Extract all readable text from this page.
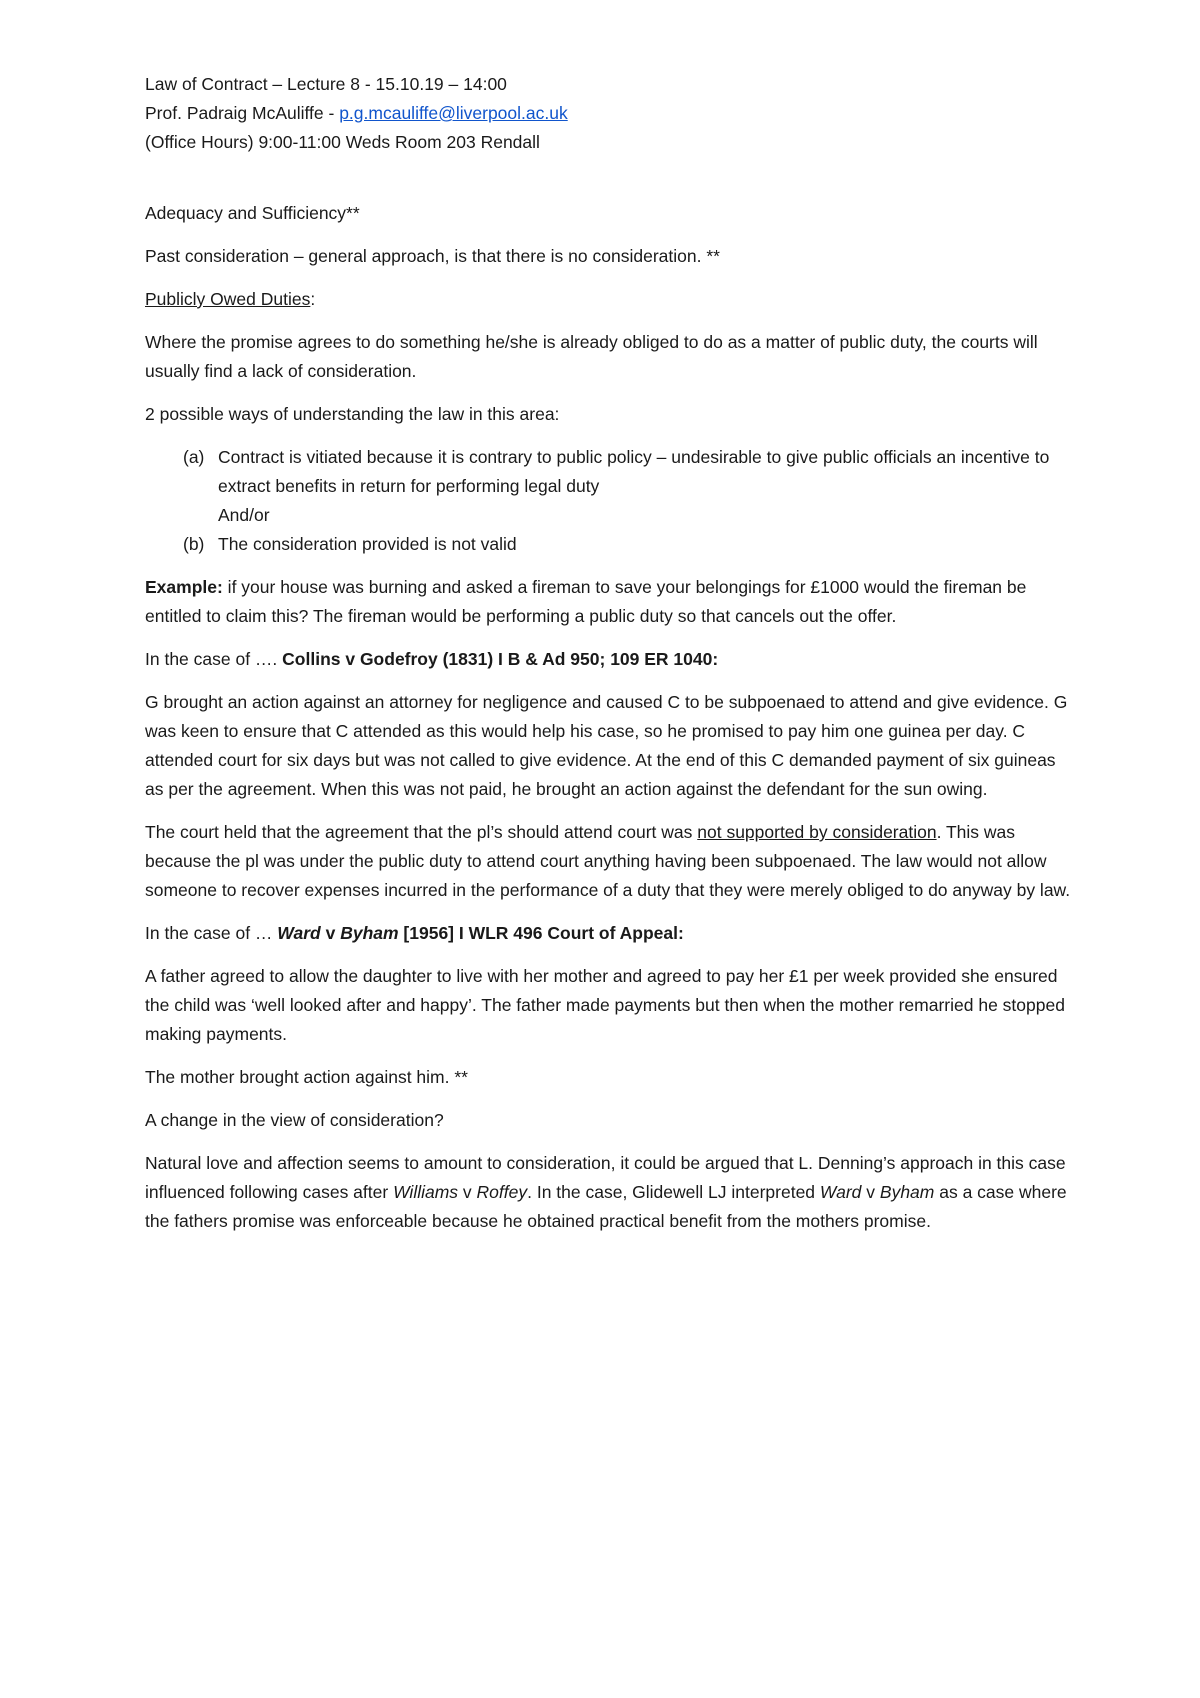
Law of Contract – Lecture 8 - 15.10.19 – 14:00

Prof. Padraig McAuliffe - p.g.mcauliffe@liverpool.ac.uk

(Office Hours) 9:00-11:00 Weds Room 203 Rendall

Adequacy and Sufficiency**

Past consideration – general approach, is that there is no consideration. **

Publicly Owed Duties:

Where the promise agrees to do something he/she is already obliged to do as a matter of public duty, the courts will usually find a lack of consideration.

2 possible ways of understanding the law in this area:

(a) Contract is vitiated because it is contrary to public policy – undesirable to give public officials an incentive to extract benefits in return for performing legal duty
And/or
(b) The consideration provided is not valid

Example: if your house was burning and asked a fireman to save your belongings for £1000 would the fireman be entitled to claim this? The fireman would be performing a public duty so that cancels out the offer.

In the case of …. Collins v Godefroy (1831) I B & Ad 950; 109 ER 1040:

G brought an action against an attorney for negligence and caused C to be subpoenaed to attend and give evidence. G was keen to ensure that C attended as this would help his case, so he promised to pay him one guinea per day. C attended court for six days but was not called to give evidence. At the end of this C demanded payment of six guineas as per the agreement. When this was not paid, he brought an action against the defendant for the sun owing.

The court held that the agreement that the pl’s should attend court was not supported by consideration. This was because the pl was under the public duty to attend court anything having been subpoenaed. The law would not allow someone to recover expenses incurred in the performance of a duty that they were merely obliged to do anyway by law.

In the case of … Ward v Byham [1956] I WLR 496 Court of Appeal:

A father agreed to allow the daughter to live with her mother and agreed to pay her £1 per week provided she ensured the child was ‘well looked after and happy’. The father made payments but then when the mother remarried he stopped making payments.

The mother brought action against him. **

A change in the view of consideration?

Natural love and affection seems to amount to consideration, it could be argued that L. Denning’s approach in this case influenced following cases after Williams v Roffey. In the case, Glidewell LJ interpreted Ward v Byham as a case where the fathers promise was enforceable because he obtained practical benefit from the mothers promise.
